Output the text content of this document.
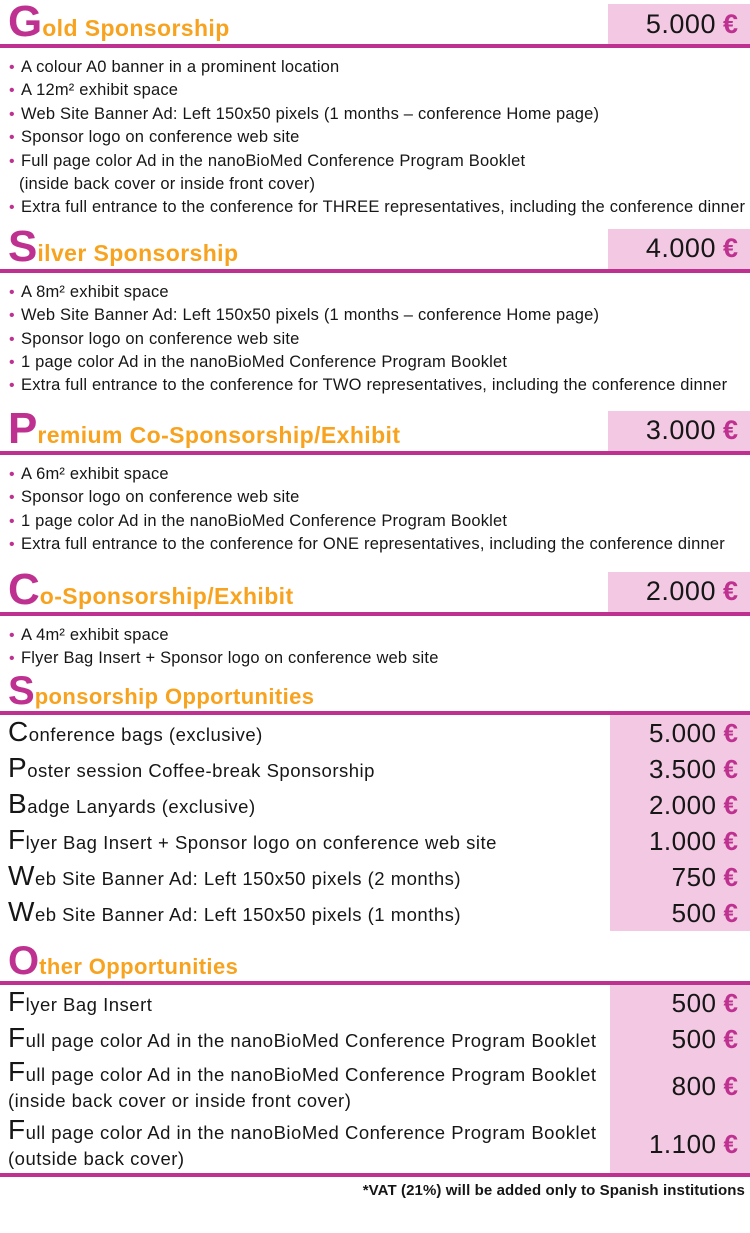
5.000 €
G old Sponsorship
• A colour A0 banner in a prominent location
• A 12m² exhibit space
• Web Site Banner Ad: Left 150x50 pixels (1 months – conference Home page)
• Sponsor logo on conference web site
• Full page color Ad in the nanoBioMed Conference Program Booklet
(inside back cover or inside front cover)
• Extra full entrance to the conference for THREE representatives, including the conference dinner
4.000 €
S ilver Sponsorship
• A 8m² exhibit space
• Web Site Banner Ad: Left 150x50 pixels (1 months – conference Home page)
• Sponsor logo on conference web site
• 1 page color Ad in the nanoBioMed Conference Program Booklet
• Extra full entrance to the conference for TWO representatives, including the conference dinner
3.000 €
P remium Co-Sponsorship/Exhibit
• A 6m² exhibit space
• Sponsor logo on conference web site
• 1 page color Ad in the nanoBioMed Conference Program Booklet
• Extra full entrance to the conference for ONE representatives, including the conference dinner
2.000 €
C o-Sponsorship/Exhibit
• A 4m² exhibit space
• Flyer Bag Insert + Sponsor logo on conference web site
S ponsorship Opportunities
Conference bags (exclusive)	5.000 €
Poster session Coffee-break Sponsorship	3.500 €
Badge Lanyards (exclusive)	2.000 €
Flyer Bag Insert + Sponsor logo on conference web site	1.000 €
Web Site Banner Ad: Left 150x50 pixels (2 months)	750 €
Web Site Banner Ad: Left 150x50 pixels (1 months)	500 €
O ther Opportunities
Flyer Bag Insert	500 €
Full page color Ad in the nanoBioMed Conference Program Booklet	500 €
Full page color Ad in the nanoBioMed Conference Program Booklet
(inside back cover or inside front cover)	800 €
Full page color Ad in the nanoBioMed Conference Program Booklet
(outside back cover)	1.100 €
*VAT (21%) will be added only to Spanish institutions
